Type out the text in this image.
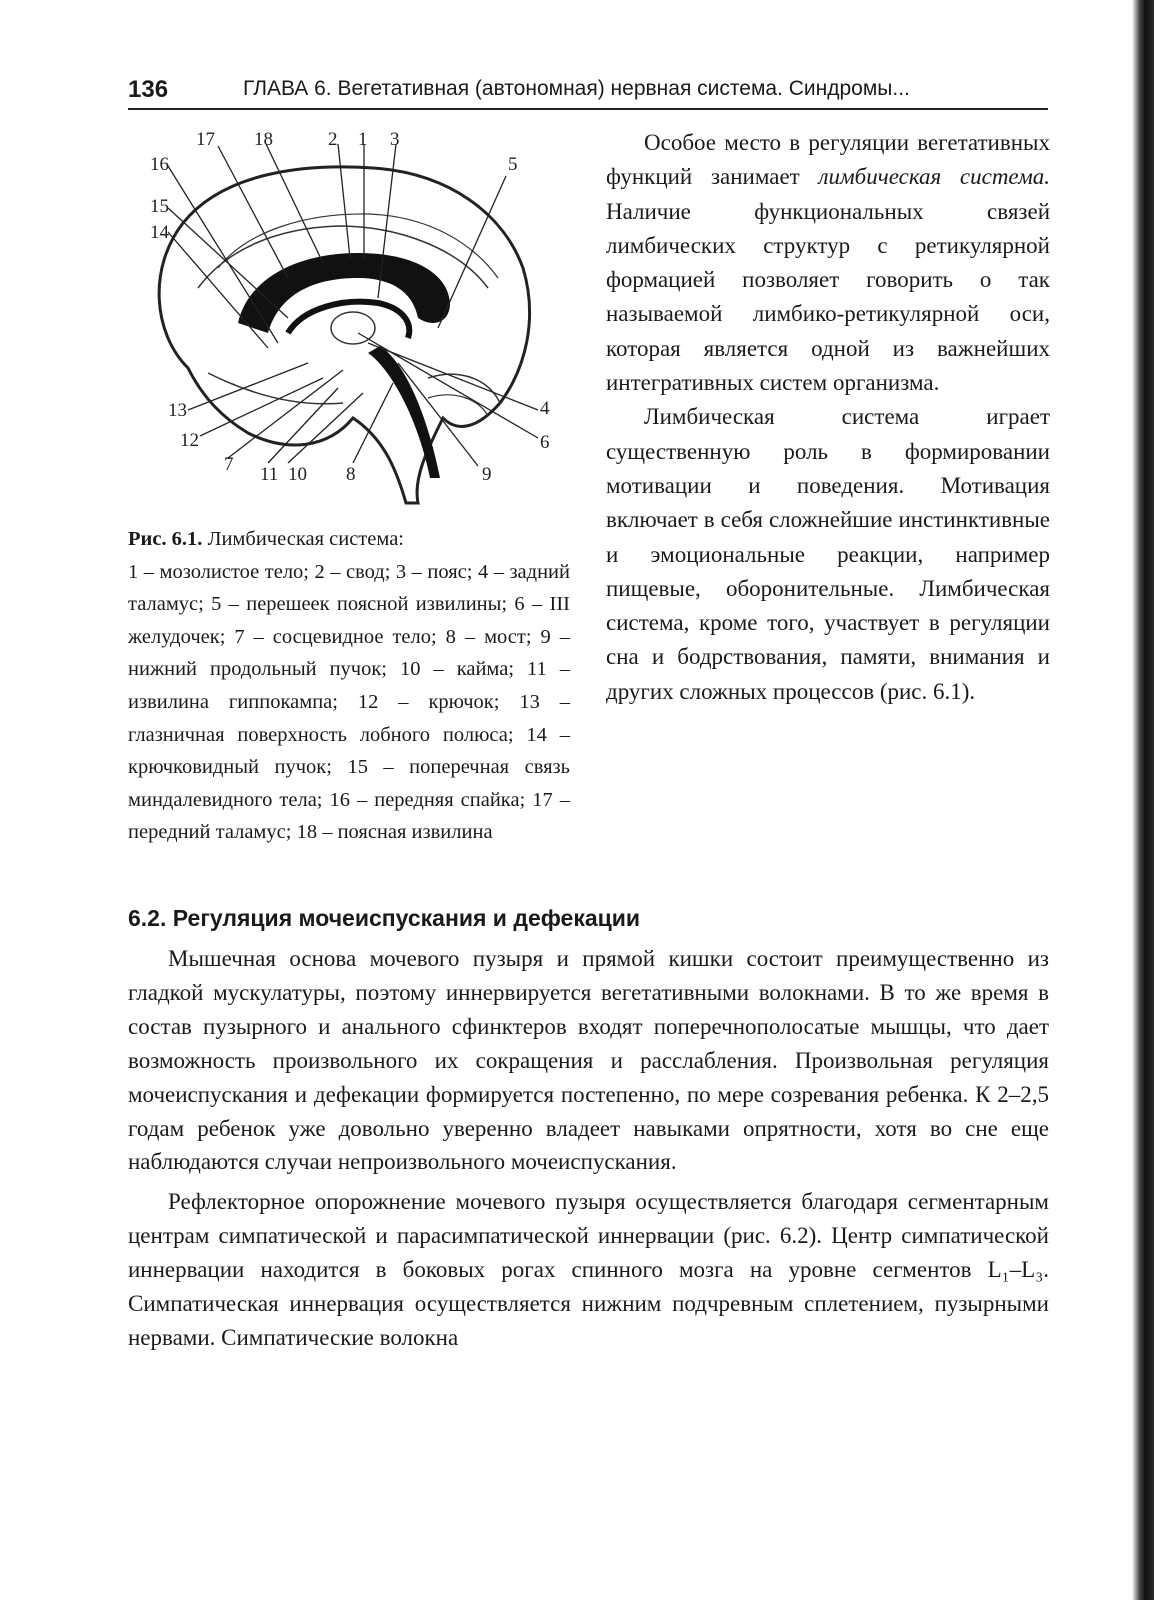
136	ГЛАВА 6. Вегетативная (автономная) нервная система. Синдромы...
17 18	2 1 3
16	5
15
14
13	4
12	6
7 11 10 8	9
Рис. 6.1. Лимбическая система:
1 – мозолистое тело; 2 – свод; 3 – пояс; 4 – задний таламус; 5 – перешеек поясной извилины; 6 – III желудочек; 7 – сосцевидное тело; 8 – мост; 9 – нижний продольный пучок; 10 – кайма; 11 – извилина гиппокампа; 12 – крючок; 13 – глазничная поверхность лобного полюса; 14 – крючковидный пучок; 15 – поперечная связь миндалевидного тела; 16 – передняя спайка; 17 – передний таламус; 18 – поясная извилина

Особое место в регуляции вегетативных функций занимает лимбическая система. Наличие функциональных связей лимбических структур с ретикулярной формацией позволяет говорить о так называемой лимбико-ретикулярной оси, которая является одной из важнейших интегративных систем организма.

Лимбическая система играет существенную роль в формировании мотивации и поведения. Мотивация включает в себя сложнейшие инстинктивные и эмоциональные реакции, например пищевые, оборонительные. Лимбическая система, кроме того, участвует в регуляции сна и бодрствования, памяти, внимания и других сложных процессов (рис. 6.1).

6.2. Регуляция мочеиспускания и дефекации

Мышечная основа мочевого пузыря и прямой кишки состоит преимущественно из гладкой мускулатуры, поэтому иннервируется вегетативными волокнами. В то же время в состав пузырного и анального сфинктеров входят поперечнополосатые мышцы, что дает возможность произвольного их сокращения и расслабления. Произвольная регуляция мочеиспускания и дефекации формируется постепенно, по мере созревания ребенка. К 2–2,5 годам ребенок уже довольно уверенно владеет навыками опрятности, хотя во сне еще наблюдаются случаи непроизвольного мочеиспускания.

Рефлекторное опорожнение мочевого пузыря осуществляется благодаря сегментарным центрам симпатической и парасимпатической иннервации (рис. 6.2). Центр симпатической иннервации находится в боковых рогах спинного мозга на уровне сегментов L₁–L₃. Симпатическая иннервация осуществляется нижним подчревным сплетением, пузырными нервами. Симпатические волокна
